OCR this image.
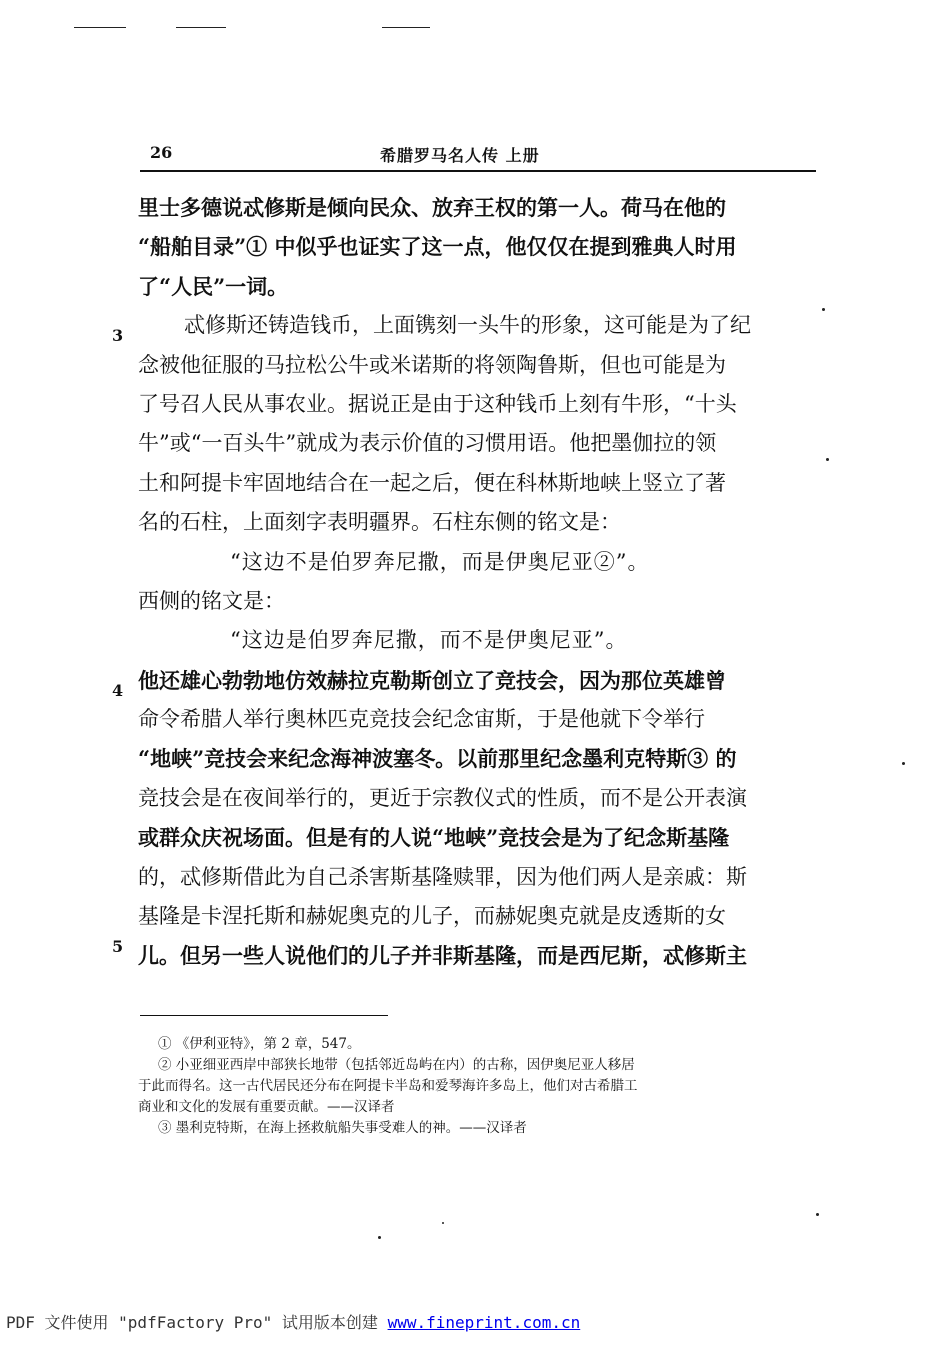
26	希腊罗马名人传 上册
3
4
5
里士多德说忒修斯是倾向民众、放弃王权的第一人。荷马在他的
“船舶目录”① 中似乎也证实了这一点，他仅仅在提到雅典人时用
了“人民”一词。
忒修斯还铸造钱币，上面镌刻一头牛的形象，这可能是为了纪
念被他征服的马拉松公牛或米诺斯的将领陶鲁斯，但也可能是为
了号召人民从事农业。据说正是由于这种钱币上刻有牛形，“十头
牛”或“一百头牛”就成为表示价值的习惯用语。他把墨伽拉的领
土和阿提卡牢固地结合在一起之后，便在科林斯地峡上竖立了著
名的石柱，上面刻字表明疆界。石柱东侧的铭文是：
“这边不是伯罗奔尼撒，而是伊奥尼亚②”。
西侧的铭文是：
“这边是伯罗奔尼撒，而不是伊奥尼亚”。
他还雄心勃勃地仿效赫拉克勒斯创立了竞技会，因为那位英雄曾
命令希腊人举行奥林匹克竞技会纪念宙斯，于是他就下令举行
“地峡”竞技会来纪念海神波塞冬。以前那里纪念墨利克特斯③ 的
竞技会是在夜间举行的，更近于宗教仪式的性质，而不是公开表演
或群众庆祝场面。但是有的人说“地峡”竞技会是为了纪念斯基隆
的，忒修斯借此为自己杀害斯基隆赎罪，因为他们两人是亲戚：斯
基隆是卡涅托斯和赫妮奥克的儿子，而赫妮奥克就是皮透斯的女
儿。但另一些人说他们的儿子并非斯基隆，而是西尼斯，忒修斯主
① 《伊利亚特》，第 2 章，547。
② 小亚细亚西岸中部狭长地带（包括邻近岛屿在内）的古称，因伊奥尼亚人移居
于此而得名。这一古代居民还分布在阿提卡半岛和爱琴海许多岛上，他们对古希腊工
商业和文化的发展有重要贡献。——汉译者
③ 墨利克特斯，在海上拯救航船失事受难人的神。——汉译者
PDF 文件使用 "pdfFactory Pro" 试用版本创建 www.fineprint.com.cn
